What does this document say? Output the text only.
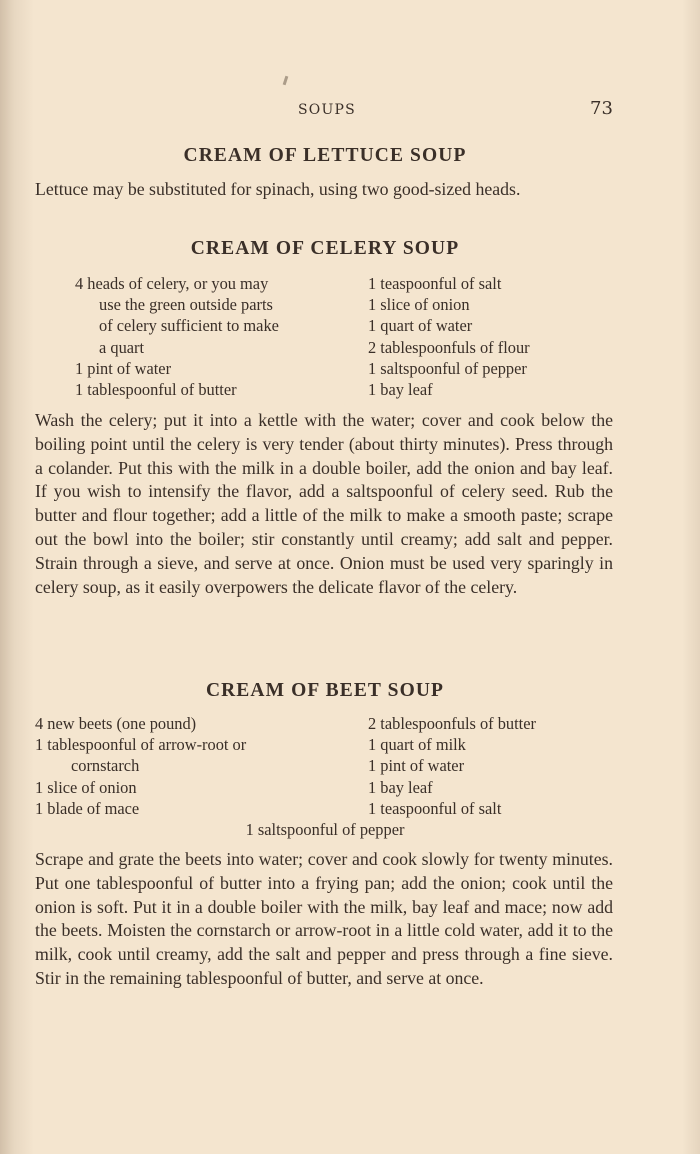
SOUPS	73
CREAM OF LETTUCE SOUP

Lettuce may be substituted for spinach, using two good-sized heads.

CREAM OF CELERY SOUP
4 heads of celery, or you may
use the green outside parts
of celery sufficient to make
a quart
1 pint of water
1 tablespoonful of butter
1 teaspoonful of salt
1 slice of onion
1 quart of water
2 tablespoonfuls of flour
1 saltspoonful of pepper
1 bay leaf

Wash the celery; put it into a kettle with the water; cover and cook below the boiling point until the celery is very tender (about thirty minutes). Press through a colander. Put this with the milk in a double boiler, add the onion and bay leaf. If you wish to intensify the flavor, add a saltspoonful of celery seed. Rub the butter and flour together; add a little of the milk to make a smooth paste; scrape out the bowl into the boiler; stir constantly until creamy; add salt and pepper. Strain through a sieve, and serve at once. Onion must be used very sparingly in celery soup, as it easily overpowers the delicate flavor of the celery.

CREAM OF BEET SOUP
4 new beets (one pound)
1 tablespoonful of arrow-root or
cornstarch
1 slice of onion
1 blade of mace
2 tablespoonfuls of butter
1 quart of milk
1 pint of water
1 bay leaf
1 teaspoonful of salt
1 saltspoonful of pepper

Scrape and grate the beets into water; cover and cook slowly for twenty minutes. Put one tablespoonful of butter into a frying pan; add the onion; cook until the onion is soft. Put it in a double boiler with the milk, bay leaf and mace; now add the beets. Moisten the cornstarch or arrow-root in a little cold water, add it to the milk, cook until creamy, add the salt and pepper and press through a fine sieve. Stir in the remaining tablespoonful of butter, and serve at once.
